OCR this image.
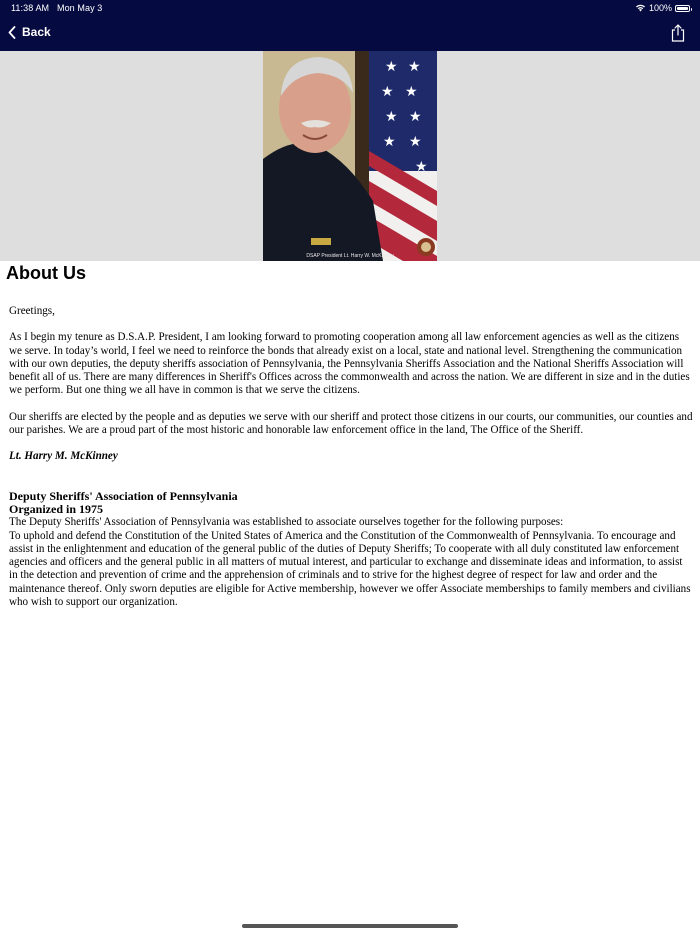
11:38 AM Mon May 3	100%
Back
★ ★
★ ★
★ ★
★ ★
★
DSAP President Lt. Harry W. McKinney
About Us

Greetings,

As I begin my tenure as D.S.A.P. President, I am looking forward to promoting cooperation among all law enforcement agencies as well as the citizens we serve. In today’s world, I feel we need to reinforce the bonds that already exist on a local, state and national level. Strengthening the communication with our own deputies, the deputy sheriffs association of Pennsylvania, the Pennsylvania Sheriffs Association and the National Sheriffs Association will benefit all of us. There are many differences in Sheriff's Offices across the commonwealth and across the nation. We are different in size and in the duties we perform. But one thing we all have in common is that we serve the citizens.

Our sheriffs are elected by the people and as deputies we serve with our sheriff and protect those citizens in our courts, our communities, our counties and our parishes. We are a proud part of the most historic and honorable law enforcement office in the land, The Office of the Sheriff.

Lt. Harry M. McKinney

Deputy Sheriffs' Association of Pennsylvania

Organized in 1975

The Deputy Sheriffs' Association of Pennsylvania was established to associate ourselves together for the following purposes:

To uphold and defend the Constitution of the United States of America and the Constitution of the Commonwealth of Pennsylvania. To encourage and assist in the enlightenment and education of the general public of the duties of Deputy Sheriffs; To cooperate with all duly constituted law enforcement agencies and officers and the general public in all matters of mutual interest, and particular to exchange and disseminate ideas and information, to assist in the detection and prevention of crime and the apprehension of criminals and to strive for the highest degree of respect for law and order and the maintenance thereof. Only sworn deputies are eligible for Active membership, however we offer Associate memberships to family members and civilians who wish to support our organization.
